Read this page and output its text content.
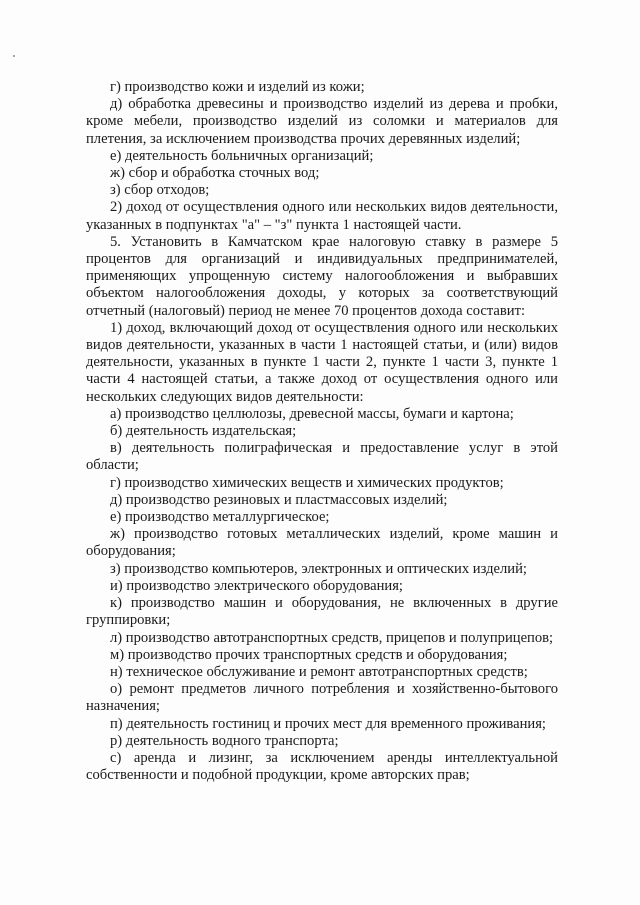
г) производство кожи и изделий из кожи;

д) обработка древесины и производство изделий из дерева и пробки, кроме мебели, производство изделий из соломки и материалов для плетения, за исключением производства прочих деревянных изделий;

е) деятельность больничных организаций;

ж) сбор и обработка сточных вод;

з) сбор отходов;

2) доход от осуществления одного или нескольких видов деятельности, указанных в подпунктах "а" – "з" пункта 1 настоящей части.

5. Установить в Камчатском крае налоговую ставку в размере 5 процентов для организаций и индивидуальных предпринимателей, применяющих упрощенную систему налогообложения и выбравших объектом налогообложения доходы, у которых за соответствующий отчетный (налоговый) период не менее 70 процентов дохода составит:

1) доход, включающий доход от осуществления одного или нескольких видов деятельности, указанных в части 1 настоящей статьи, и (или) видов деятельности, указанных в пункте 1 части 2, пункте 1 части 3, пункте 1 части 4 настоящей статьи, а также доход от осуществления одного или нескольких следующих видов деятельности:

а) производство целлюлозы, древесной массы, бумаги и картона;

б) деятельность издательская;

в) деятельность полиграфическая и предоставление услуг в этой области;

г) производство химических веществ и химических продуктов;

д) производство резиновых и пластмассовых изделий;

е) производство металлургическое;

ж) производство готовых металлических изделий, кроме машин и оборудования;

з) производство компьютеров, электронных и оптических изделий;

и) производство электрического оборудования;

к) производство машин и оборудования, не включенных в другие группировки;

л) производство автотранспортных средств, прицепов и полуприцепов;

м) производство прочих транспортных средств и оборудования;

н) техническое обслуживание и ремонт автотранспортных средств;

о) ремонт предметов личного потребления и хозяйственно-бытового назначения;

п) деятельность гостиниц и прочих мест для временного проживания;

р) деятельность водного транспорта;

с) аренда и лизинг, за исключением аренды интеллектуальной собственности и подобной продукции, кроме авторских прав;
